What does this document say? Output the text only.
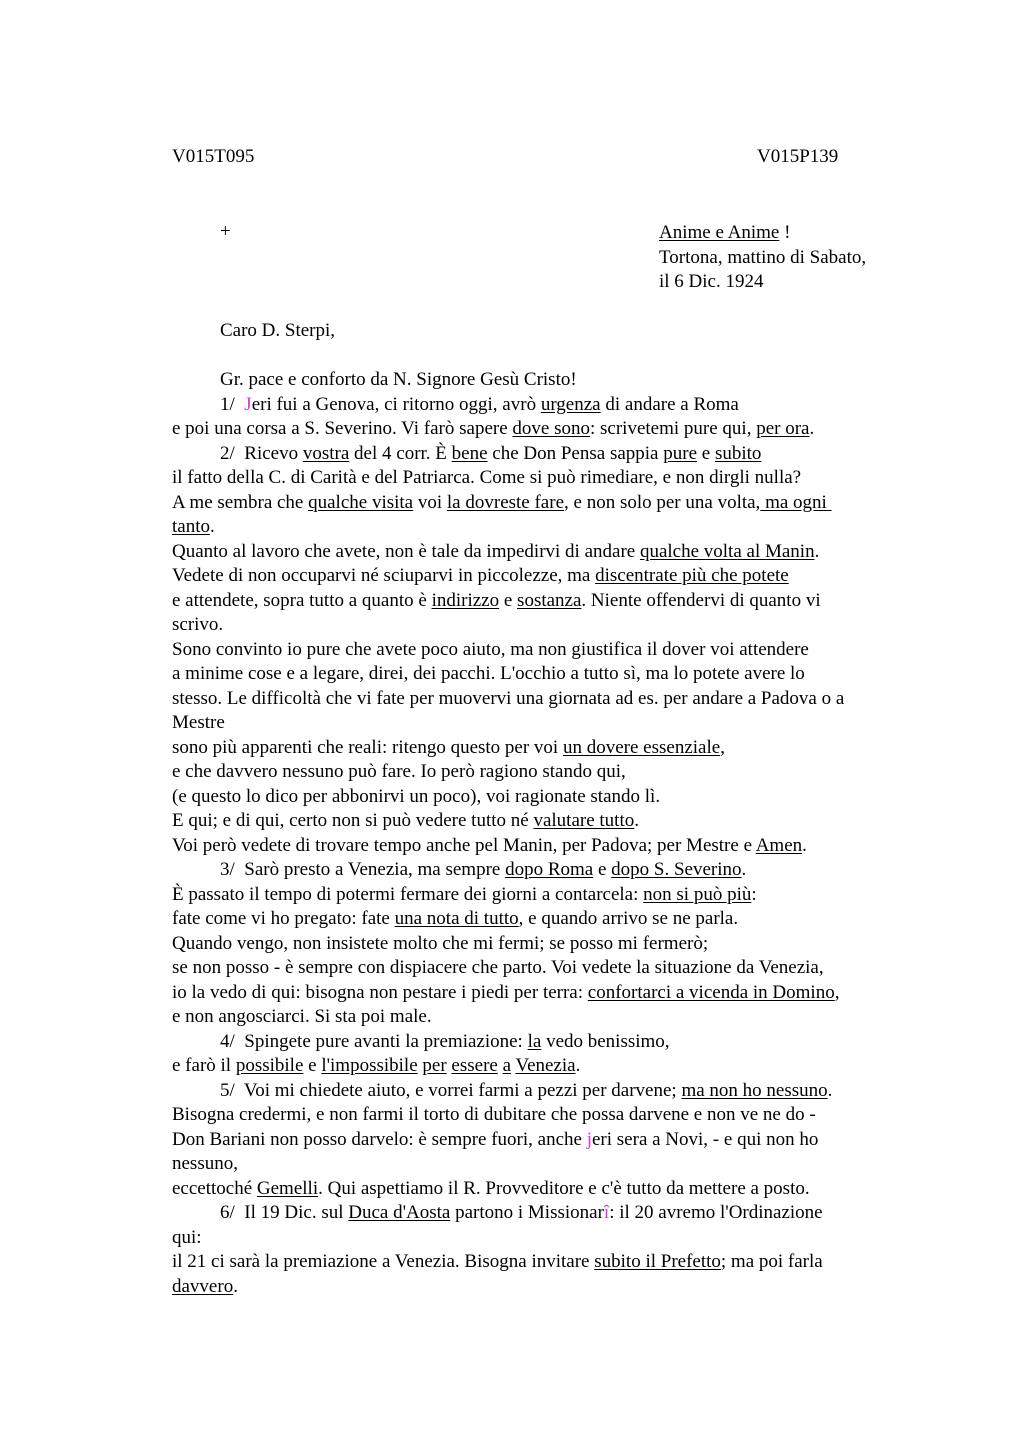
V015T095	V015P139
+	Anime e Anime !
Tortona, mattino di Sabato,
il 6 Dic. 1924
Caro D. Sterpi,
Gr. pace e conforto da N. Signore Gesù Cristo!
1/  Jeri fui a Genova, ci ritorno oggi, avrò urgenza di andare a Roma
e poi una corsa a S. Severino. Vi farò sapere dove sono: scrivetemi pure qui, per ora.
2/  Ricevo vostra del 4 corr. È bene che Don Pensa sappia pure e subito
il fatto della C. di Carità e del Patriarca. Come si può rimediare, e non dirgli nulla?
A me sembra che qualche visita voi la dovreste fare, e non solo per una volta, ma ogni
tanto.
Quanto al lavoro che avete, non è tale da impedirvi di andare qualche volta al Manin.
Vedete di non occuparvi né sciuparvi in piccolezze, ma discentrate più che potete
e attendete, sopra tutto a quanto è indirizzo e sostanza. Niente offendervi di quanto vi
scrivo.
Sono convinto io pure che avete poco aiuto, ma non giustifica il dover voi attendere
a minime cose e a legare, direi, dei pacchi. L'occhio a tutto sì, ma lo potete avere lo
stesso. Le difficoltà che vi fate per muovervi una giornata ad es. per andare a Padova o a
Mestre
sono più apparenti che reali: ritengo questo per voi un dovere essenziale,
e che davvero nessuno può fare. Io però ragiono stando qui,
(e questo lo dico per abbonirvi un poco), voi ragionate stando lì.
E qui; e di qui, certo non si può vedere tutto né valutare tutto.
Voi però vedete di trovare tempo anche pel Manin, per Padova; per Mestre e Amen.
3/  Sarò presto a Venezia, ma sempre dopo Roma e dopo S. Severino.
È passato il tempo di potermi fermare dei giorni a contarcela: non si può più:
fate come vi ho pregato: fate una nota di tutto, e quando arrivo se ne parla.
Quando vengo, non insistete molto che mi fermi; se posso mi fermerò;
se non posso - è sempre con dispiacere che parto. Voi vedete la situazione da Venezia,
io la vedo di qui: bisogna non pestare i piedi per terra: confortarci a vicenda in Domino,
e non angosciarci. Si sta poi male.
4/  Spingete pure avanti la premiazione: la vedo benissimo,
e farò il possibile e l'impossibile per essere a Venezia.
5/  Voi mi chiedete aiuto, e vorrei farmi a pezzi per darvene; ma non ho nessuno.
Bisogna credermi, e non farmi il torto di dubitare che possa darvene e non ve ne do -
Don Bariani non posso darvelo: è sempre fuori, anche jeri sera a Novi, - e qui non ho
nessuno,
eccettoché Gemelli. Qui aspettiamo il R. Provveditore e c'è tutto da mettere a posto.
6/  Il 19 Dic. sul Duca d'Aosta partono i Missionarî: il 20 avremo l'Ordinazione
qui:
il 21 ci sarà la premiazione a Venezia. Bisogna invitare subito il Prefetto; ma poi farla
davvero.
